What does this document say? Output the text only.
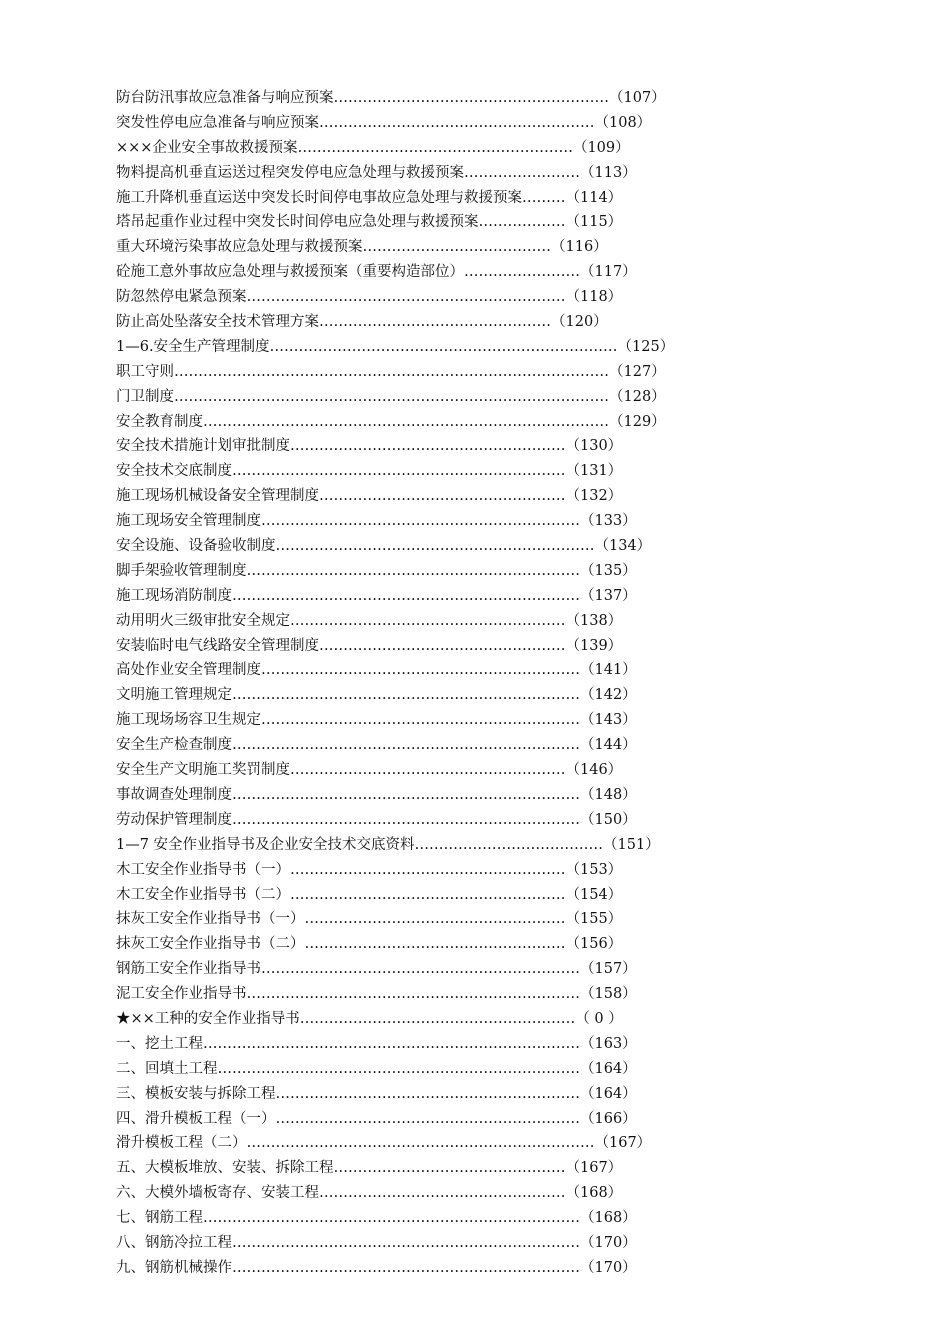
防台防汛事故应急准备与响应预案…………………………………………………（107）
突发性停电应急准备与响应预案…………………………………………………（108）
×××企业安全事故救援预案…………………………………………………（109）
物料提高机垂直运送过程突发停电应急处理与救援预案……………………（113）
施工升降机垂直运送中突发长时间停电事故应急处理与救援预案………（114）
塔吊起重作业过程中突发长时间停电应急处理与救援预案………………（115）
重大环境污染事故应急处理与救援预案…………………………………（116）
砼施工意外事故应急处理与救援预案（重要构造部位）……………………（117）
防忽然停电紧急预案…………………………………………………………（118）
防止高处坠落安全技术管理方案…………………………………………（120）
1—6.安全生产管理制度………………………………………………………………（125）
职工守则………………………………………………………………………………（127）
门卫制度………………………………………………………………………………（128）
安全教育制度…………………………………………………………………………（129）
安全技术措施计划审批制度…………………………………………………（130）
安全技术交底制度……………………………………………………………（131）
施工现场机械设备安全管理制度……………………………………………（132）
施工现场安全管理制度…………………………………………………………（133）
安全设施、设备验收制度…………………………………………………………（134）
脚手架验收管理制度……………………………………………………………（135）
施工现场消防制度………………………………………………………………（137）
动用明火三级审批安全规定…………………………………………………（138）
安装临时电气线路安全管理制度……………………………………………（139）
高处作业安全管理制度…………………………………………………………（141）
文明施工管理规定………………………………………………………………（142）
施工现场场容卫生规定…………………………………………………………（143）
安全生产检查制度………………………………………………………………（144）
安全生产文明施工奖罚制度…………………………………………………（146）
事故调查处理制度………………………………………………………………（148）
劳动保护管理制度………………………………………………………………（150）
1—7 安全作业指导书及企业安全技术交底资料…………………………………（151）
木工安全作业指导书（一）…………………………………………………（153）
木工安全作业指导书（二）…………………………………………………（154）
抹灰工安全作业指导书（一）………………………………………………（155）
抹灰工安全作业指导书（二）………………………………………………（156）
钢筋工安全作业指导书…………………………………………………………（157）
泥工安全作业指导书……………………………………………………………（158）
★××工种的安全作业指导书…………………………………………………（ 0 ）
一、挖土工程……………………………………………………………………（163）
二、回填土工程…………………………………………………………………（164）
三、模板安装与拆除工程………………………………………………………（164）
四、滑升模板工程（一）………………………………………………………（166）
滑升模板工程（二）………………………………………………………………（167）
五、大模板堆放、安装、拆除工程…………………………………………（167）
六、大模外墙板寄存、安装工程……………………………………………（168）
七、钢筋工程……………………………………………………………………（168）
八、钢筋冷拉工程………………………………………………………………（170）
九、钢筋机械操作………………………………………………………………（170）
